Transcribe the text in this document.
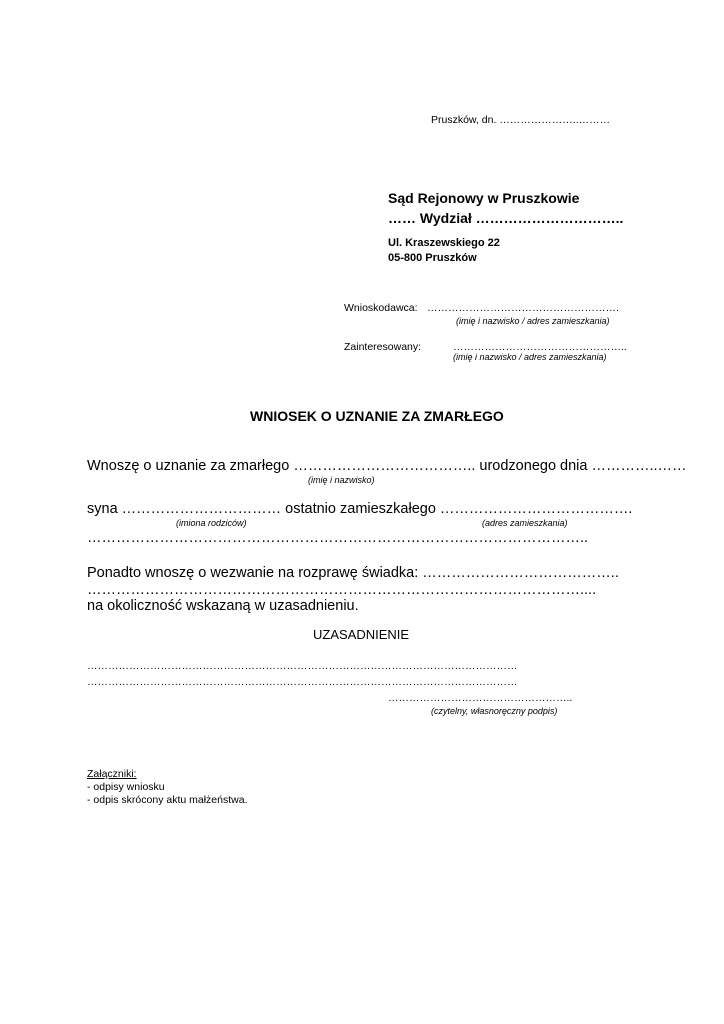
Pruszków, dn. …………………..………
Sąd Rejonowy w Pruszkowie
…… Wydział …………………………..
Ul. Kraszewskiego 22
05-800 Pruszków
Wnioskodawca: ……………………………………………….
(imię i nazwisko / adres zamieszkania)
Zainteresowany:	…………………………………………..
(imię i nazwisko / adres zamieszkania)
WNIOSEK O UZNANIE ZA ZMARŁEGO
Wnoszę o uznanie za zmarłego ……………………………….. urodzonego dnia …………..……
(imię i nazwisko)
syna …………………………… ostatnio zamieszkałego ………………………………….
(imiona rodziców)	(adres zamieszkania)
…………………………………………………………………………………………..
Ponadto wnoszę o wezwanie na rozprawę świadka: …………………………………..
…………………………………………………………………………………………....
na okoliczność wskazaną w uzasadnieniu.
UZASADNIENIE
……………………………………………………………………………………………………………
……………………………………………………………………………………………………………
……………………………………………..
(czytelny, własnoręczny podpis)
Załączniki:
- odpisy wniosku
- odpis skrócony aktu małżeństwa.
